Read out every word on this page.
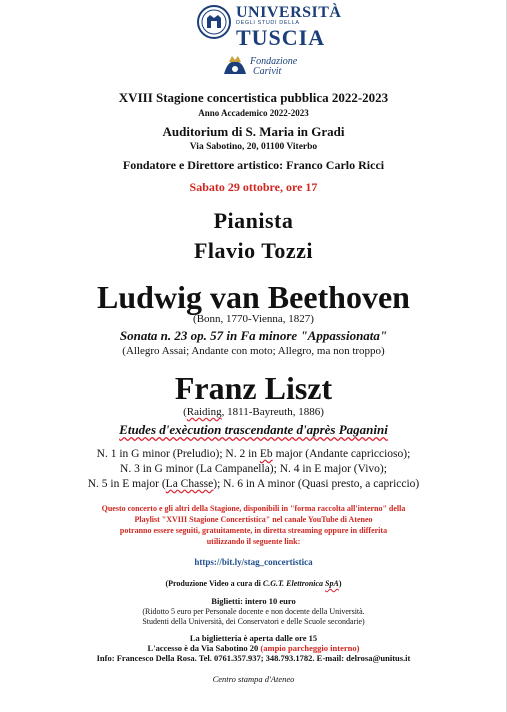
UNIVERSITÀ
DEGLI STUDI DELLA
TUSCIA
Fondazione
Carivit
XVIII Stagione concertistica pubblica 2022-2023
Anno Accademico 2022-2023
Auditorium di S. Maria in Gradi
Via Sabotino, 20, 01100 Viterbo
Fondatore e Direttore artistico: Franco Carlo Ricci
Sabato 29 ottobre, ore 17
Pianista
Flavio Tozzi
Ludwig van Beethoven
(Bonn, 1770-Vienna, 1827)
Sonata n. 23 op. 57 in Fa minore "Appassionata"
(Allegro Assai; Andante con moto; Allegro, ma non troppo)
Franz Liszt
(Raiding, 1811-Bayreuth, 1886)
Etudes d'exècution trascendante d'après Paganini
N. 1 in G minor (Preludio); N. 2 in Eb major (Andante capriccioso);
N. 3 in G minor (La Campanella); N. 4 in E major (Vivo);
N. 5 in E major (La Chasse); N. 6 in A minor (Quasi presto, a capriccio)
Questo concerto e gli altri della Stagione, disponibili in "forma raccolta all'interno" della
Playlist "XVIII Stagione Concertistica" nel canale YouTube di Ateneo
potranno essere seguiti, gratuitamente, in diretta streaming oppure in differita
utilizzando il seguente link:
https://bit.ly/stag_concertistica
(Produzione Video a cura di C.G.T. Elettronica SpA)
Biglietti: intero 10 euro
(Ridotto 5 euro per Personale docente e non docente della Università.
Studenti della Università, dei Conservatori e delle Scuole secondarie)
La biglietteria è aperta dalle ore 15
L'accesso è da Via Sabotino 20 (ampio parcheggio interno)
Info: Francesco Della Rosa. Tel. 0761.357.937; 348.793.1782. E-mail: delrosa@unitus.it
Centro stampa d'Ateneo
